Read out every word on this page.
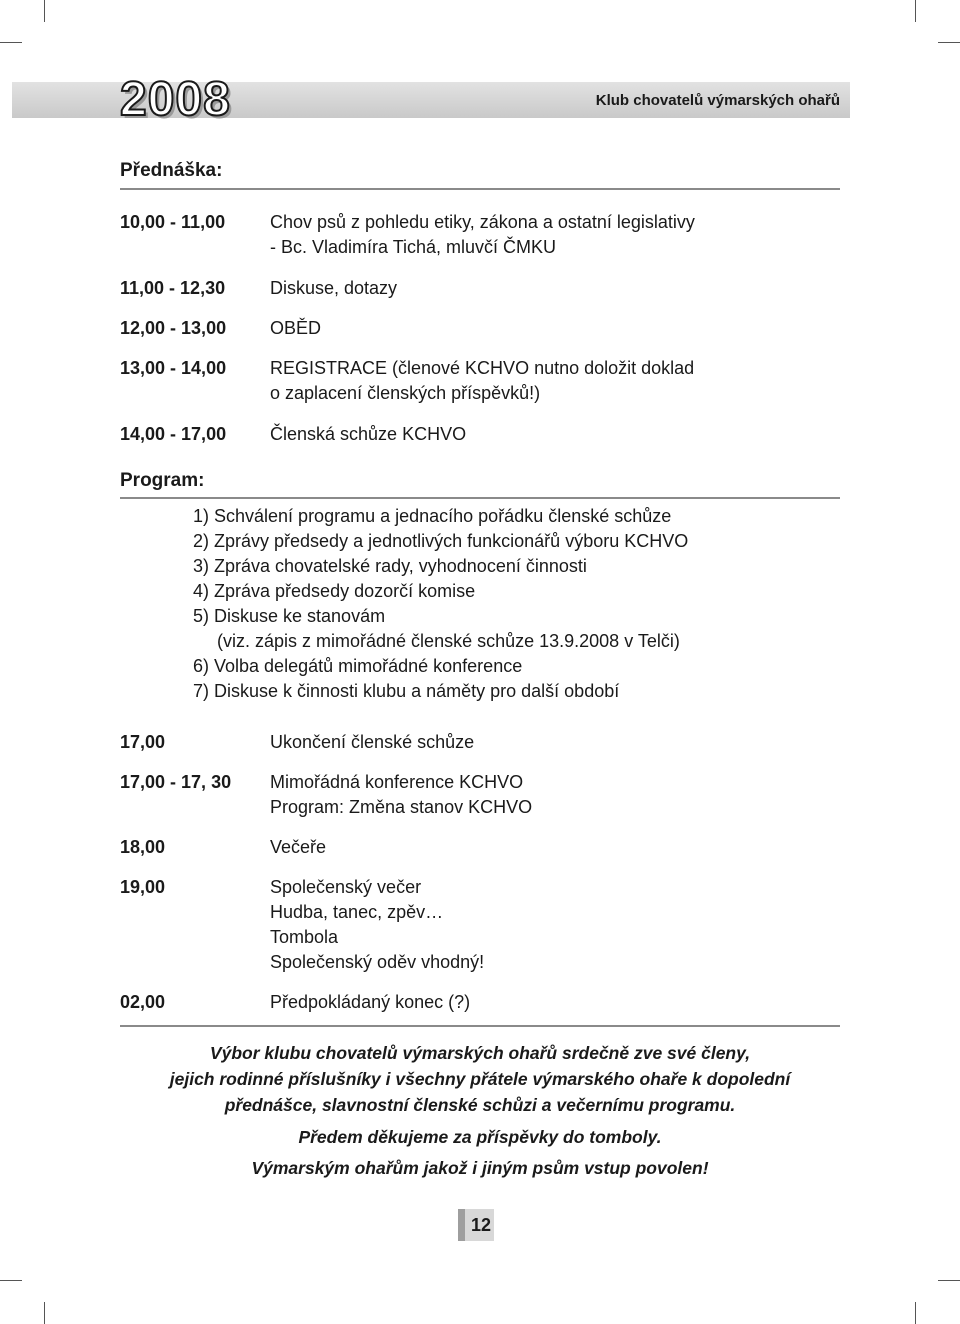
2008	Klub chovatelů výmarských ohařů
Přednáška:
10,00 - 11,00 Chov psů z pohledu etiky, zákona a ostatní legislativy
- Bc. Vladimíra Tichá, mluvčí ČMKU
11,00 - 12,30 Diskuse, dotazy
12,00 - 13,00 OBĚD
13,00 - 14,00 REGISTRACE (členové KCHVO nutno doložit doklad
o zaplacení členských příspěvků!)
14,00 - 17,00 Členská schůze KCHVO
Program:
1) Schválení programu a jednacího pořádku členské schůze
2) Zprávy předsedy a jednotlivých funkcionářů výboru KCHVO
3) Zpráva chovatelské rady, vyhodnocení činnosti
4) Zpráva předsedy dozorčí komise
5) Diskuse ke stanovám
(viz. zápis z mimořádné členské schůze 13.9.2008 v Telči)
6) Volba delegátů mimořádné konference
7) Diskuse k činnosti klubu a náměty pro další období
17,00	Ukončení členské schůze
17,00 - 17, 30 Mimořádná konference KCHVO
Program: Změna stanov KCHVO
18,00	Večeře
19,00	Společenský večer
Hudba, tanec, zpěv…
Tombola
Společenský oděv vhodný!
02,00	Předpokládaný konec (?)
Výbor klubu chovatelů výmarských ohařů srdečně zve své členy,
jejich rodinné příslušníky i všechny přátele výmarského ohaře k dopolední
přednášce, slavnostní členské schůzi a večernímu programu.
Předem děkujeme za příspěvky do tomboly.
Výmarským ohařům jakož i jiným psům vstup povolen!
12
